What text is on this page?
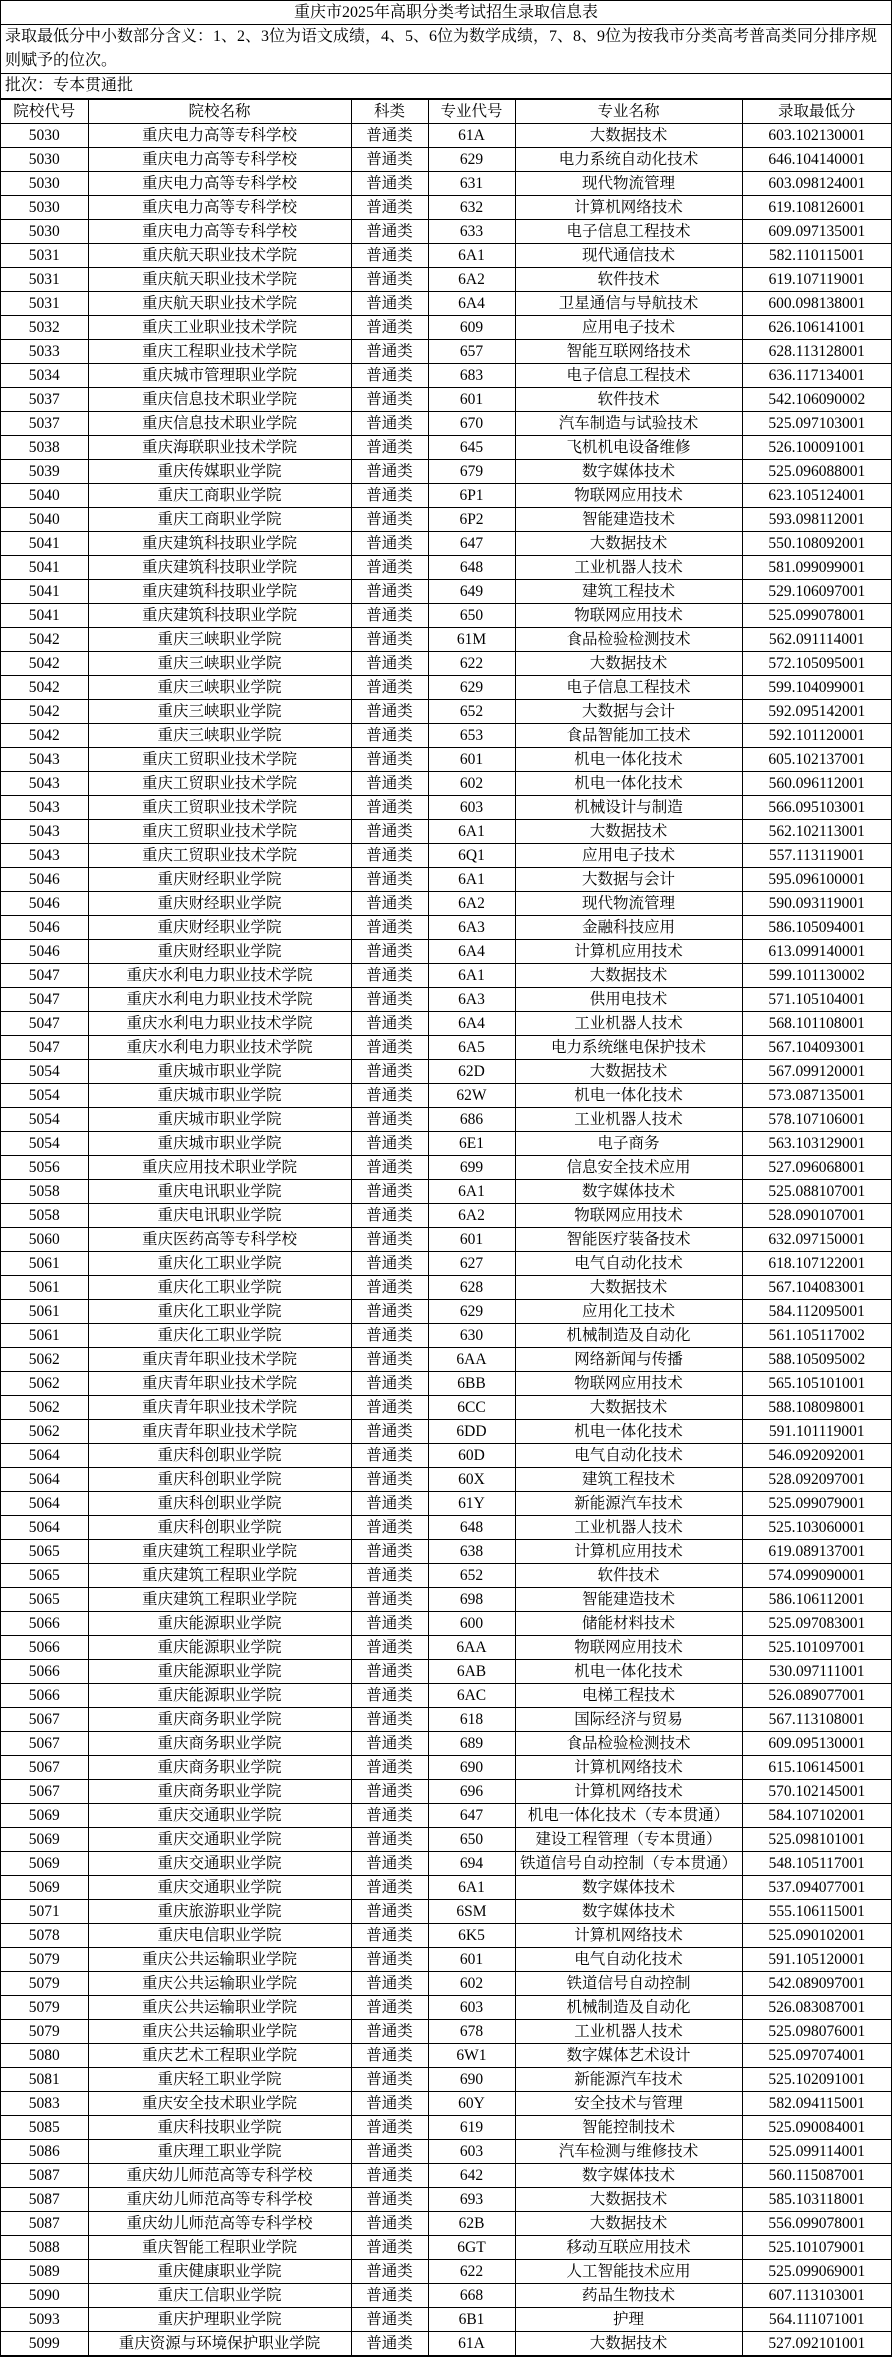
重庆市2025年高职分类考试招生录取信息表
录取最低分中小数部分含义：1、2、3位为语文成绩，4、5、6位为数学成绩，7、8、9位为按我市分类高考普高类同分排序规则赋予的位次。
批次：专本贯通批
院校代号	院校名称	科类	专业代号	专业名称	录取最低分
5030	重庆电力高等专科学校	普通类	61A	大数据技术	603.102130001
5030	重庆电力高等专科学校	普通类	629	电力系统自动化技术	646.104140001
5030	重庆电力高等专科学校	普通类	631	现代物流管理	603.098124001
5030	重庆电力高等专科学校	普通类	632	计算机网络技术	619.108126001
5030	重庆电力高等专科学校	普通类	633	电子信息工程技术	609.097135001
5031	重庆航天职业技术学院	普通类	6A1	现代通信技术	582.110115001
5031	重庆航天职业技术学院	普通类	6A2	软件技术	619.107119001
5031	重庆航天职业技术学院	普通类	6A4	卫星通信与导航技术	600.098138001
5032	重庆工业职业技术学院	普通类	609	应用电子技术	626.106141001
5033	重庆工程职业技术学院	普通类	657	智能互联网络技术	628.113128001
5034	重庆城市管理职业学院	普通类	683	电子信息工程技术	636.117134001
5037	重庆信息技术职业学院	普通类	601	软件技术	542.106090002
5037	重庆信息技术职业学院	普通类	670	汽车制造与试验技术	525.097103001
5038	重庆海联职业技术学院	普通类	645	飞机机电设备维修	526.100091001
5039	重庆传媒职业学院	普通类	679	数字媒体技术	525.096088001
5040	重庆工商职业学院	普通类	6P1	物联网应用技术	623.105124001
5040	重庆工商职业学院	普通类	6P2	智能建造技术	593.098112001
5041	重庆建筑科技职业学院	普通类	647	大数据技术	550.108092001
5041	重庆建筑科技职业学院	普通类	648	工业机器人技术	581.099099001
5041	重庆建筑科技职业学院	普通类	649	建筑工程技术	529.106097001
5041	重庆建筑科技职业学院	普通类	650	物联网应用技术	525.099078001
5042	重庆三峡职业学院	普通类	61M	食品检验检测技术	562.091114001
5042	重庆三峡职业学院	普通类	622	大数据技术	572.105095001
5042	重庆三峡职业学院	普通类	629	电子信息工程技术	599.104099001
5042	重庆三峡职业学院	普通类	652	大数据与会计	592.095142001
5042	重庆三峡职业学院	普通类	653	食品智能加工技术	592.101120001
5043	重庆工贸职业技术学院	普通类	601	机电一体化技术	605.102137001
5043	重庆工贸职业技术学院	普通类	602	机电一体化技术	560.096112001
5043	重庆工贸职业技术学院	普通类	603	机械设计与制造	566.095103001
5043	重庆工贸职业技术学院	普通类	6A1	大数据技术	562.102113001
5043	重庆工贸职业技术学院	普通类	6Q1	应用电子技术	557.113119001
5046	重庆财经职业学院	普通类	6A1	大数据与会计	595.096100001
5046	重庆财经职业学院	普通类	6A2	现代物流管理	590.093119001
5046	重庆财经职业学院	普通类	6A3	金融科技应用	586.105094001
5046	重庆财经职业学院	普通类	6A4	计算机应用技术	613.099140001
5047	重庆水利电力职业技术学院	普通类	6A1	大数据技术	599.101130002
5047	重庆水利电力职业技术学院	普通类	6A3	供用电技术	571.105104001
5047	重庆水利电力职业技术学院	普通类	6A4	工业机器人技术	568.101108001
5047	重庆水利电力职业技术学院	普通类	6A5	电力系统继电保护技术	567.104093001
5054	重庆城市职业学院	普通类	62D	大数据技术	567.099120001
5054	重庆城市职业学院	普通类	62W	机电一体化技术	573.087135001
5054	重庆城市职业学院	普通类	686	工业机器人技术	578.107106001
5054	重庆城市职业学院	普通类	6E1	电子商务	563.103129001
5056	重庆应用技术职业学院	普通类	699	信息安全技术应用	527.096068001
5058	重庆电讯职业学院	普通类	6A1	数字媒体技术	525.088107001
5058	重庆电讯职业学院	普通类	6A2	物联网应用技术	528.090107001
5060	重庆医药高等专科学校	普通类	601	智能医疗装备技术	632.097150001
5061	重庆化工职业学院	普通类	627	电气自动化技术	618.107122001
5061	重庆化工职业学院	普通类	628	大数据技术	567.104083001
5061	重庆化工职业学院	普通类	629	应用化工技术	584.112095001
5061	重庆化工职业学院	普通类	630	机械制造及自动化	561.105117002
5062	重庆青年职业技术学院	普通类	6AA	网络新闻与传播	588.105095002
5062	重庆青年职业技术学院	普通类	6BB	物联网应用技术	565.105101001
5062	重庆青年职业技术学院	普通类	6CC	大数据技术	588.108098001
5062	重庆青年职业技术学院	普通类	6DD	机电一体化技术	591.101119001
5064	重庆科创职业学院	普通类	60D	电气自动化技术	546.092092001
5064	重庆科创职业学院	普通类	60X	建筑工程技术	528.092097001
5064	重庆科创职业学院	普通类	61Y	新能源汽车技术	525.099079001
5064	重庆科创职业学院	普通类	648	工业机器人技术	525.103060001
5065	重庆建筑工程职业学院	普通类	638	计算机应用技术	619.089137001
5065	重庆建筑工程职业学院	普通类	652	软件技术	574.099090001
5065	重庆建筑工程职业学院	普通类	698	智能建造技术	586.106112001
5066	重庆能源职业学院	普通类	600	储能材料技术	525.097083001
5066	重庆能源职业学院	普通类	6AA	物联网应用技术	525.101097001
5066	重庆能源职业学院	普通类	6AB	机电一体化技术	530.097111001
5066	重庆能源职业学院	普通类	6AC	电梯工程技术	526.089077001
5067	重庆商务职业学院	普通类	618	国际经济与贸易	567.113108001
5067	重庆商务职业学院	普通类	689	食品检验检测技术	609.095130001
5067	重庆商务职业学院	普通类	690	计算机网络技术	615.106145001
5067	重庆商务职业学院	普通类	696	计算机网络技术	570.102145001
5069	重庆交通职业学院	普通类	647	机电一体化技术（专本贯通）	584.107102001
5069	重庆交通职业学院	普通类	650	建设工程管理（专本贯通）	525.098101001
5069	重庆交通职业学院	普通类	694	铁道信号自动控制（专本贯通）	548.105117001
5069	重庆交通职业学院	普通类	6A1	数字媒体技术	537.094077001
5071	重庆旅游职业学院	普通类	6SM	数字媒体技术	555.106115001
5078	重庆电信职业学院	普通类	6K5	计算机网络技术	525.090102001
5079	重庆公共运输职业学院	普通类	601	电气自动化技术	591.105120001
5079	重庆公共运输职业学院	普通类	602	铁道信号自动控制	542.089097001
5079	重庆公共运输职业学院	普通类	603	机械制造及自动化	526.083087001
5079	重庆公共运输职业学院	普通类	678	工业机器人技术	525.098076001
5080	重庆艺术工程职业学院	普通类	6W1	数字媒体艺术设计	525.097074001
5081	重庆轻工职业学院	普通类	690	新能源汽车技术	525.102091001
5083	重庆安全技术职业学院	普通类	60Y	安全技术与管理	582.094115001
5085	重庆科技职业学院	普通类	619	智能控制技术	525.090084001
5086	重庆理工职业学院	普通类	603	汽车检测与维修技术	525.099114001
5087	重庆幼儿师范高等专科学校	普通类	642	数字媒体技术	560.115087001
5087	重庆幼儿师范高等专科学校	普通类	693	大数据技术	585.103118001
5087	重庆幼儿师范高等专科学校	普通类	62B	大数据技术	556.099078001
5088	重庆智能工程职业学院	普通类	6GT	移动互联应用技术	525.101079001
5089	重庆健康职业学院	普通类	622	人工智能技术应用	525.099069001
5090	重庆工信职业学院	普通类	668	药品生物技术	607.113103001
5093	重庆护理职业学院	普通类	6B1	护理	564.111071001
5099	重庆资源与环境保护职业学院	普通类	61A	大数据技术	527.092101001
